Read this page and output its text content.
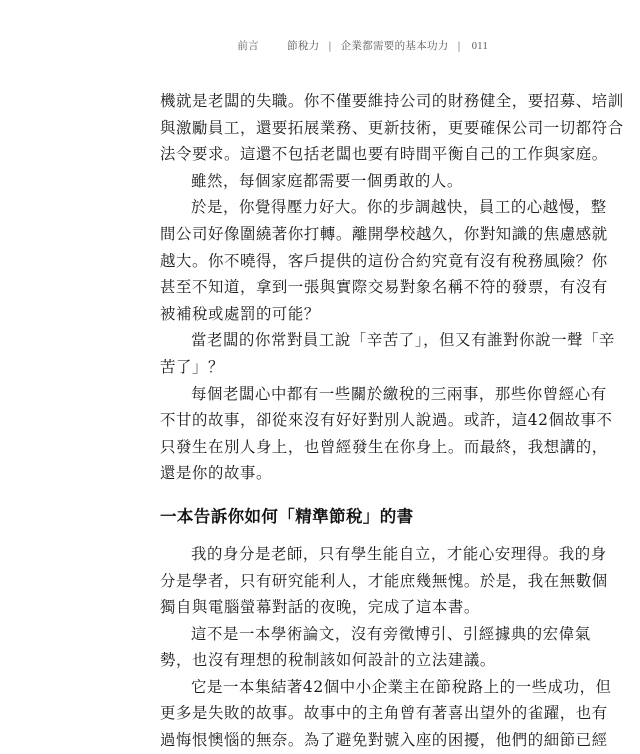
前言 　	節稅力 | 企業都需要的基本功力 | 011
機就是老闆的失職。你不僅要維持公司的財務健全，要招募、培訓
與激勵員工，還要拓展業務、更新技術，更要確保公司一切都符合
法令要求。這還不包括老闆也要有時間平衡自己的工作與家庭。
雖然，每個家庭都需要一個勇敢的人。
於是，你覺得壓力好大。你的步調越快，員工的心越慢，整
間公司好像圍繞著你打轉。離開學校越久，你對知識的焦慮感就
越大。你不曉得，客戶提供的這份合約究竟有沒有稅務風險？你
甚至不知道，拿到一張與實際交易對象名稱不符的發票，有沒有
被補稅或處罰的可能？
當老闆的你常對員工說「辛苦了」，但又有誰對你說一聲「辛
苦了」？
每個老闆心中都有一些關於繳稅的三兩事，那些你曾經心有
不甘的故事，卻從來沒有好好對別人說過。或許，這42個故事不
只發生在別人身上，也曾經發生在你身上。而最終，我想講的，
還是你的故事。
一本告訴你如何「精準節稅」的書
我的身分是老師，只有學生能自立，才能心安理得。我的身
分是學者，只有研究能利人，才能庶幾無愧。於是，我在無數個
獨自與電腦螢幕對話的夜晚，完成了這本書。
這不是一本學術論文，沒有旁徵博引、引經據典的宏偉氣
勢，也沒有理想的稅制該如何設計的立法建議。
它是一本集結著42個中小企業主在節稅路上的一些成功，但
更多是失敗的故事。故事中的主角曾有著喜出望外的雀躍，也有
過悔恨懊惱的無奈。為了避免對號入座的困擾，他們的細節已經
